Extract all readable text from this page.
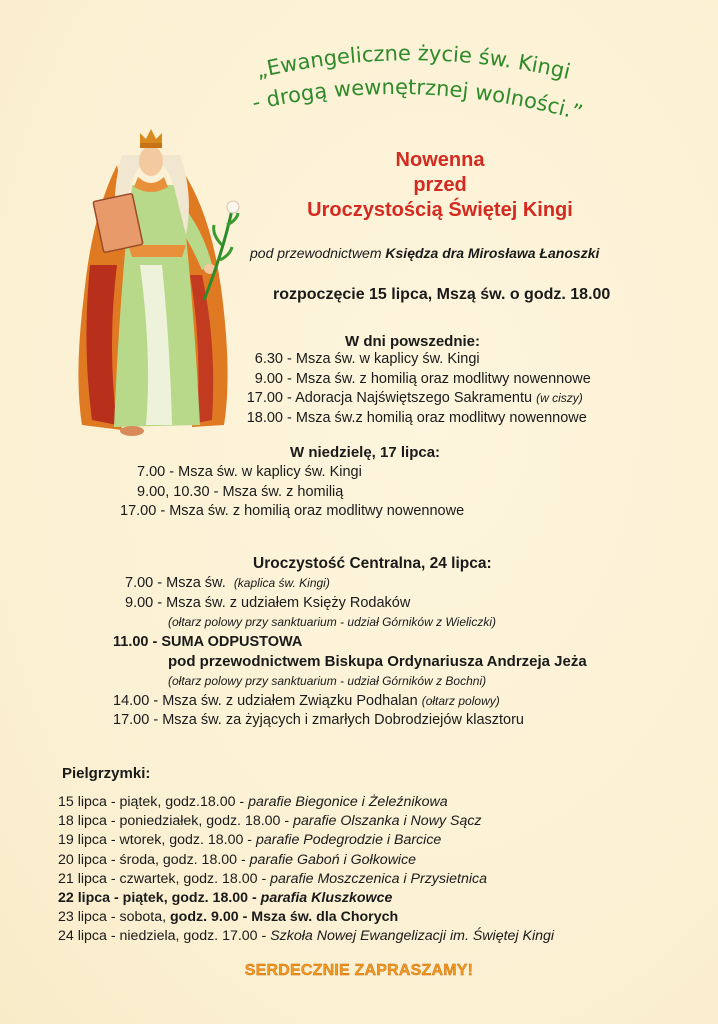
„Ewangeliczne życie św. Kingi
- drogą wewnętrznej wolności.”
Nowenna
przed
Uroczystością Świętej Kingi
pod przewodnictwem Księdza dra Mirosława Łanoszki
rozpoczęcie 15 lipca, Mszą św. o godz. 18.00
W dni powszednie:
6.30 - Msza św. w kaplicy św. Kingi
9.00 - Msza św. z homilią oraz modlitwy nowennowe
17.00 - Adoracja Najświętszego Sakramentu (w ciszy)
18.00 - Msza św.z homilią oraz modlitwy nowennowe
W niedzielę, 17 lipca:
7.00 - Msza św. w kaplicy św. Kingi
9.00, 10.30 - Msza św. z homilią
17.00 - Msza św. z homilią oraz modlitwy nowennowe
Uroczystość Centralna, 24 lipca:
7.00 - Msza św. (kaplica św. Kingi)
9.00 - Msza św. z udziałem Księży Rodaków
(ołtarz polowy przy sanktuarium - udział Górników z Wieliczki)
11.00 - SUMA ODPUSTOWA
pod przewodnictwem Biskupa Ordynariusza Andrzeja Jeża
(ołtarz polowy przy sanktuarium - udział Górników z Bochni)
14.00 - Msza św. z udziałem Związku Podhalan (ołtarz polowy)
17.00 - Msza św. za żyjących i zmarłych Dobrodziejów klasztoru
Pielgrzymki:
15 lipca - piątek, godz.18.00 - parafie Biegonice i Żeleźnikowa
18 lipca - poniedziałek, godz. 18.00 - parafie Olszanka i Nowy Sącz
19 lipca - wtorek, godz. 18.00 - parafie Podegrodzie i Barcice
20 lipca - środa, godz. 18.00 - parafie Gaboń i Gołkowice
21 lipca - czwartek, godz. 18.00 - parafie Moszczenica i Przysietnica
22 lipca - piątek, godz. 18.00 - parafia Kluszkowce
23 lipca - sobota, godz. 9.00 - Msza św. dla Chorych
24 lipca - niedziela, godz. 17.00 - Szkoła Nowej Ewangelizacji im. Świętej Kingi
SERDECZNIE ZAPRASZAMY!
